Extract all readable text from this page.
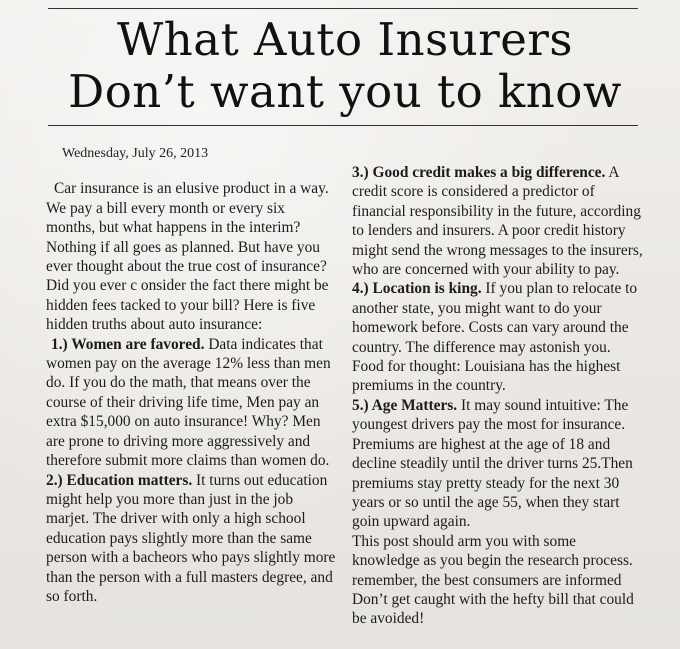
What Auto Insurers
Don’t want you to know
Wednesday, July 26, 2013

Car insurance is an elusive product in a way. We pay a bill every month or every six months, but what happens in the interim? Nothing if all goes as planned. But have you ever thought about the true cost of insurance? Did you ever c onsider the fact there might be hidden fees tacked to your bill? Here is five hidden truths about auto insurance:

1.) Women are favored. Data indicates that women pay on the average 12% less than men do. If you do the math, that means over the course of their driving life time, Men pay an extra $15,000 on auto insurance! Why? Men are prone to driving more aggressively and therefore submit more claims than women do.

2.) Education matters. It turns out education might help you more than just in the job marjet. The driver with only a high school education pays slightly more than the same person with a bacheors who pays slightly more than the person with a full masters degree, and so forth.

3.) Good credit makes a big difference. A credit score is considered a predictor of financial responsibility in the future, according to lenders and insurers. A poor credit history might send the wrong messages to the insurers, who are concerned with your ability to pay.

4.) Location is king. If you plan to relocate to another state, you might want to do your homework before. Costs can vary around the country. The difference may astonish you. Food for thought: Louisiana has the highest premiums in the country.

5.) Age Matters. It may sound intuitive: The youngest drivers pay the most for insurance. Premiums are highest at the age of 18 and decline steadily until the driver turns 25.Then premiums stay pretty steady for the next 30 years or so until the age 55, when they start goin upward again.

This post should arm you with some knowledge as you begin the research process. remember, the best consumers are informed Don’t get caught with the hefty bill that could be avoided!
